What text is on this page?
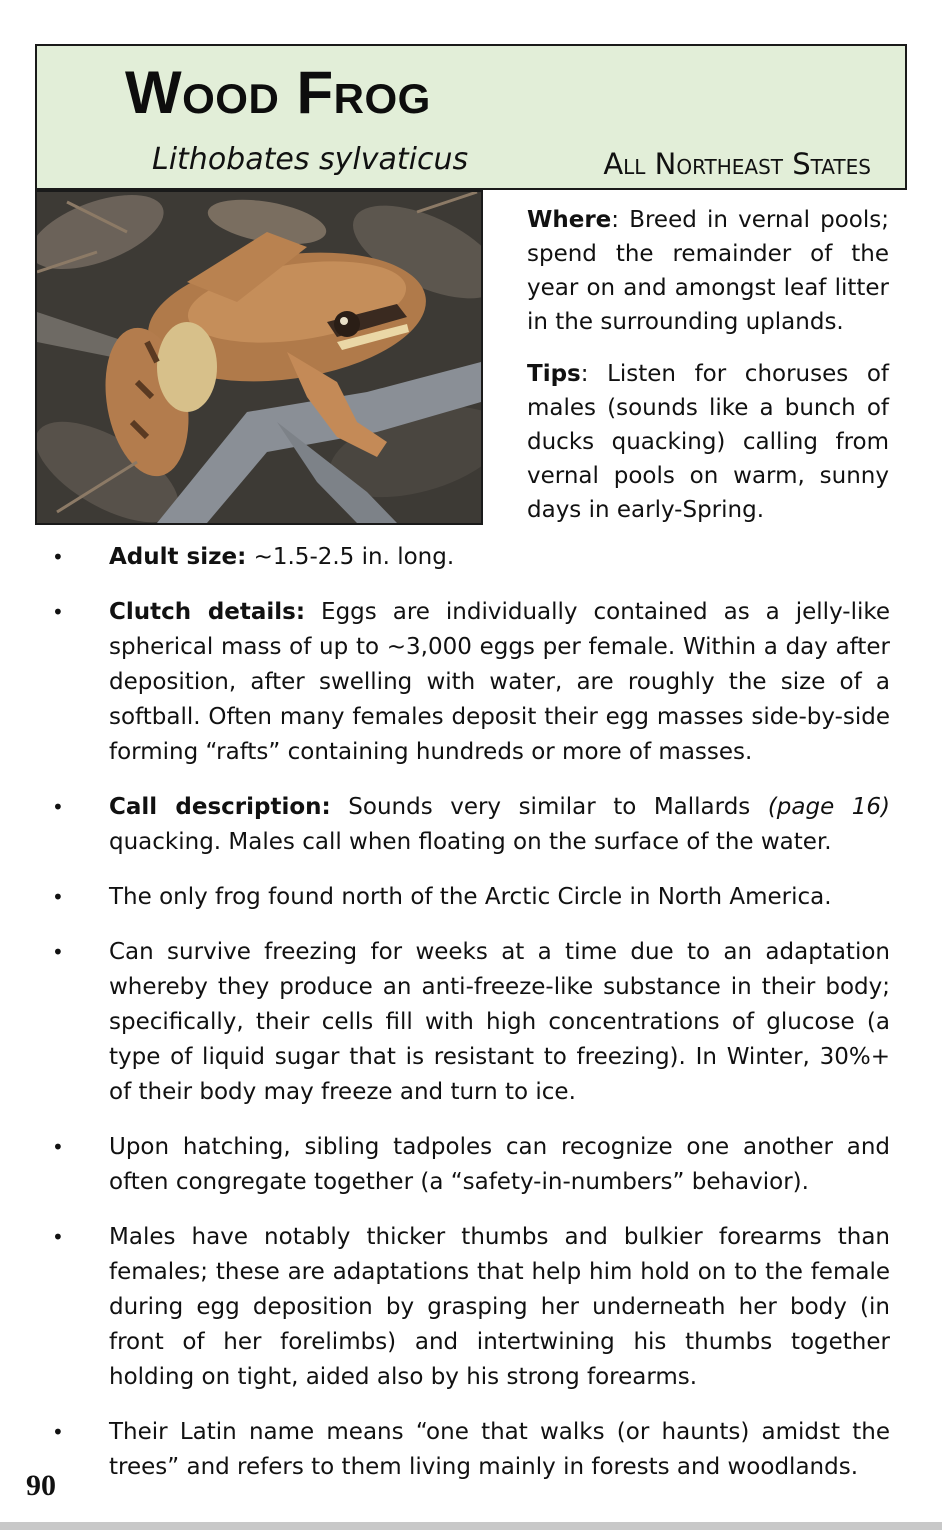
Wood Frog
Lithobates sylvaticus	All Northeast States

Where: Breed in vernal pools; spend the remainder of the year on and amongst leaf litter in the surrounding uplands.

Tips: Listen for choruses of males (sounds like a bunch of ducks quacking) calling from vernal pools on warm, sunny days in early-Spring.

• Adult size: ~1.5-2.5 in. long.
• Clutch details: Eggs are individually contained as a jelly-like spherical mass of up to ~3,000 eggs per female. Within a day after deposition, after swelling with water, are roughly the size of a softball. Often many females deposit their egg masses side-by-side forming “rafts” containing hundreds or more of masses.
• Call description: Sounds very similar to Mallards (page 16) quacking. Males call when floating on the surface of the water.
• The only frog found north of the Arctic Circle in North America.
• Can survive freezing for weeks at a time due to an adaptation whereby they produce an anti-freeze-like substance in their body; specifically, their cells fill with high concentrations of glucose (a type of liquid sugar that is resistant to freezing). In Winter, 30%+ of their body may freeze and turn to ice.
• Upon hatching, sibling tadpoles can recognize one another and often congregate together (a “safety-in-numbers” behavior).
• Males have notably thicker thumbs and bulkier forearms than females; these are adaptations that help him hold on to the female during egg deposition by grasping her underneath her body (in front of her forelimbs) and intertwining his thumbs together holding on tight, aided also by his strong forearms.
• Their Latin name means “one that walks (or haunts) amidst the trees” and refers to them living mainly in forests and woodlands.
90
